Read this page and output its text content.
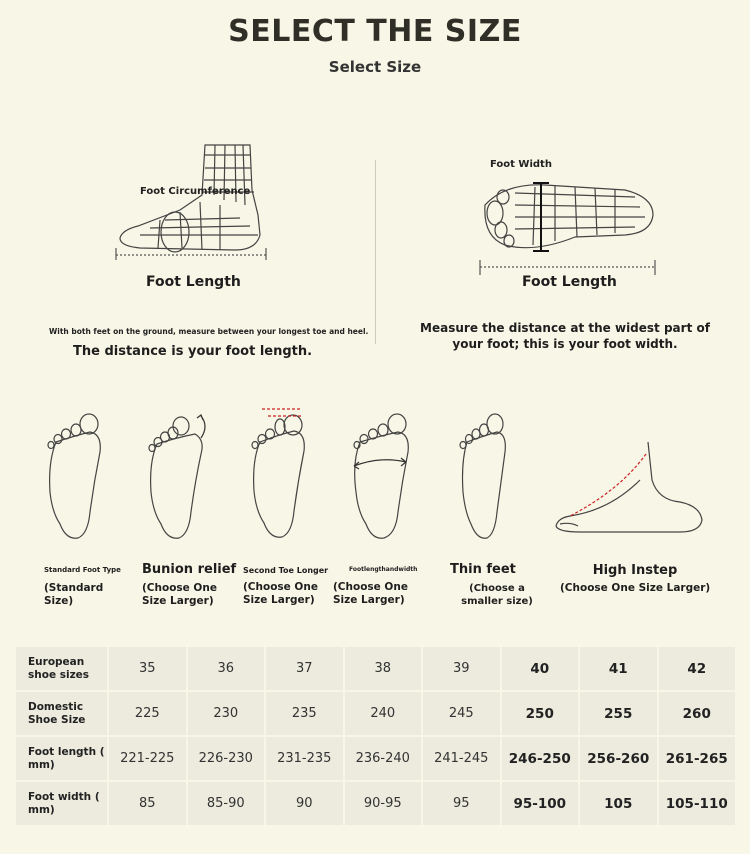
SELECT THE SIZE
Select Size
Foot Circumference
Foot Length
With both feet on the ground, measure between your longest toe and heel.
The distance is your foot length.
Foot Width
Foot Length
Measure the distance at the widest part of
your foot; this is your foot width.
Standard Foot Type
(Standard Size)
Bunion relief
(Choose One Size Larger)
Second Toe Longer
(Choose One Size Larger)
Footlengthandwidth
(Choose One Size Larger)
Thin feet
(Choose a smaller size)
High Instep
(Choose One Size Larger)
European shoe sizes	35	36	37	38	39	40	41	42
Domestic Shoe Size	225	230	235	240	245	250	255	260
Foot length ( mm)	221-225	226-230	231-235	236-240	241-245	246-250	256-260	261-265
Foot width ( mm)	85	85-90	90	90-95	95	95-100	105	105-110
